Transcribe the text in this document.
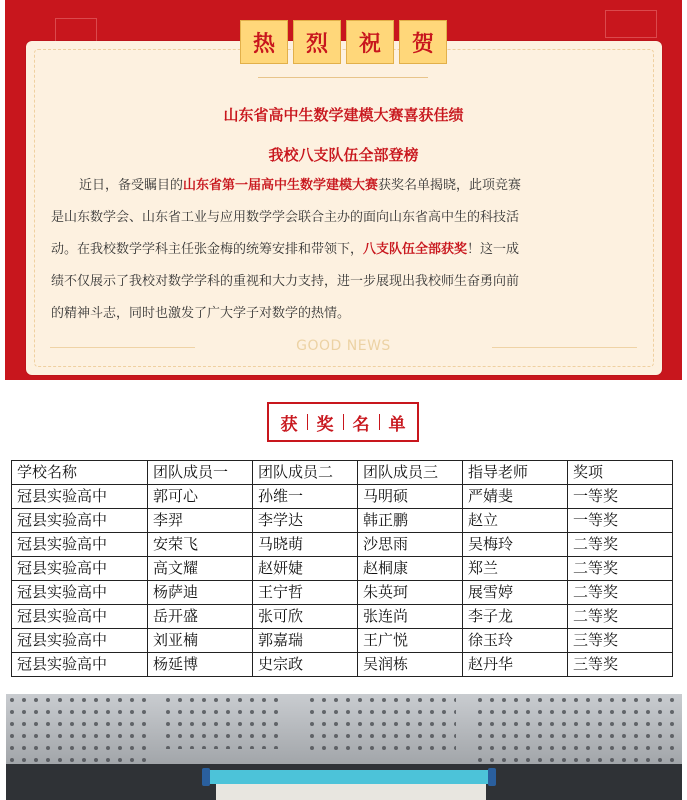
热	烈	祝	贺
山东省高中生数学建模大赛喜获佳绩
我校八支队伍全部登榜
近日，备受瞩目的山东省第一届高中生数学建模大赛获奖名单揭晓，此项竞赛
是山东数学会、山东省工业与应用数学学会联合主办的面向山东省高中生的科技活
动。在我校数学学科主任张金梅的统筹安排和带领下，八支队伍全部获奖！这一成
绩不仅展示了我校对数学学科的重视和大力支持，进一步展现出我校师生奋勇向前
的精神斗志，同时也激发了广大学子对数学的热情。
GOOD NEWS
获 奖 名 单
学校名称	团队成员一	团队成员二	团队成员三	指导老师	奖项
冠县实验高中	郭可心	孙维一	马明硕	严婧斐	一等奖
冠县实验高中	李羿	李学达	韩正鹏	赵立	一等奖
冠县实验高中	安荣飞	马晓萌	沙思雨	吴梅玲	二等奖
冠县实验高中	高文耀	赵妍婕	赵桐康	郑兰	二等奖
冠县实验高中	杨萨迪	王宁哲	朱英珂	展雪婷	二等奖
冠县实验高中	岳开盛	张可欣	张连尚	李子龙	二等奖
冠县实验高中	刘亚楠	郭嘉瑞	王广悦	徐玉玲	三等奖
冠县实验高中	杨延博	史宗政	吴润栋	赵丹华	三等奖
